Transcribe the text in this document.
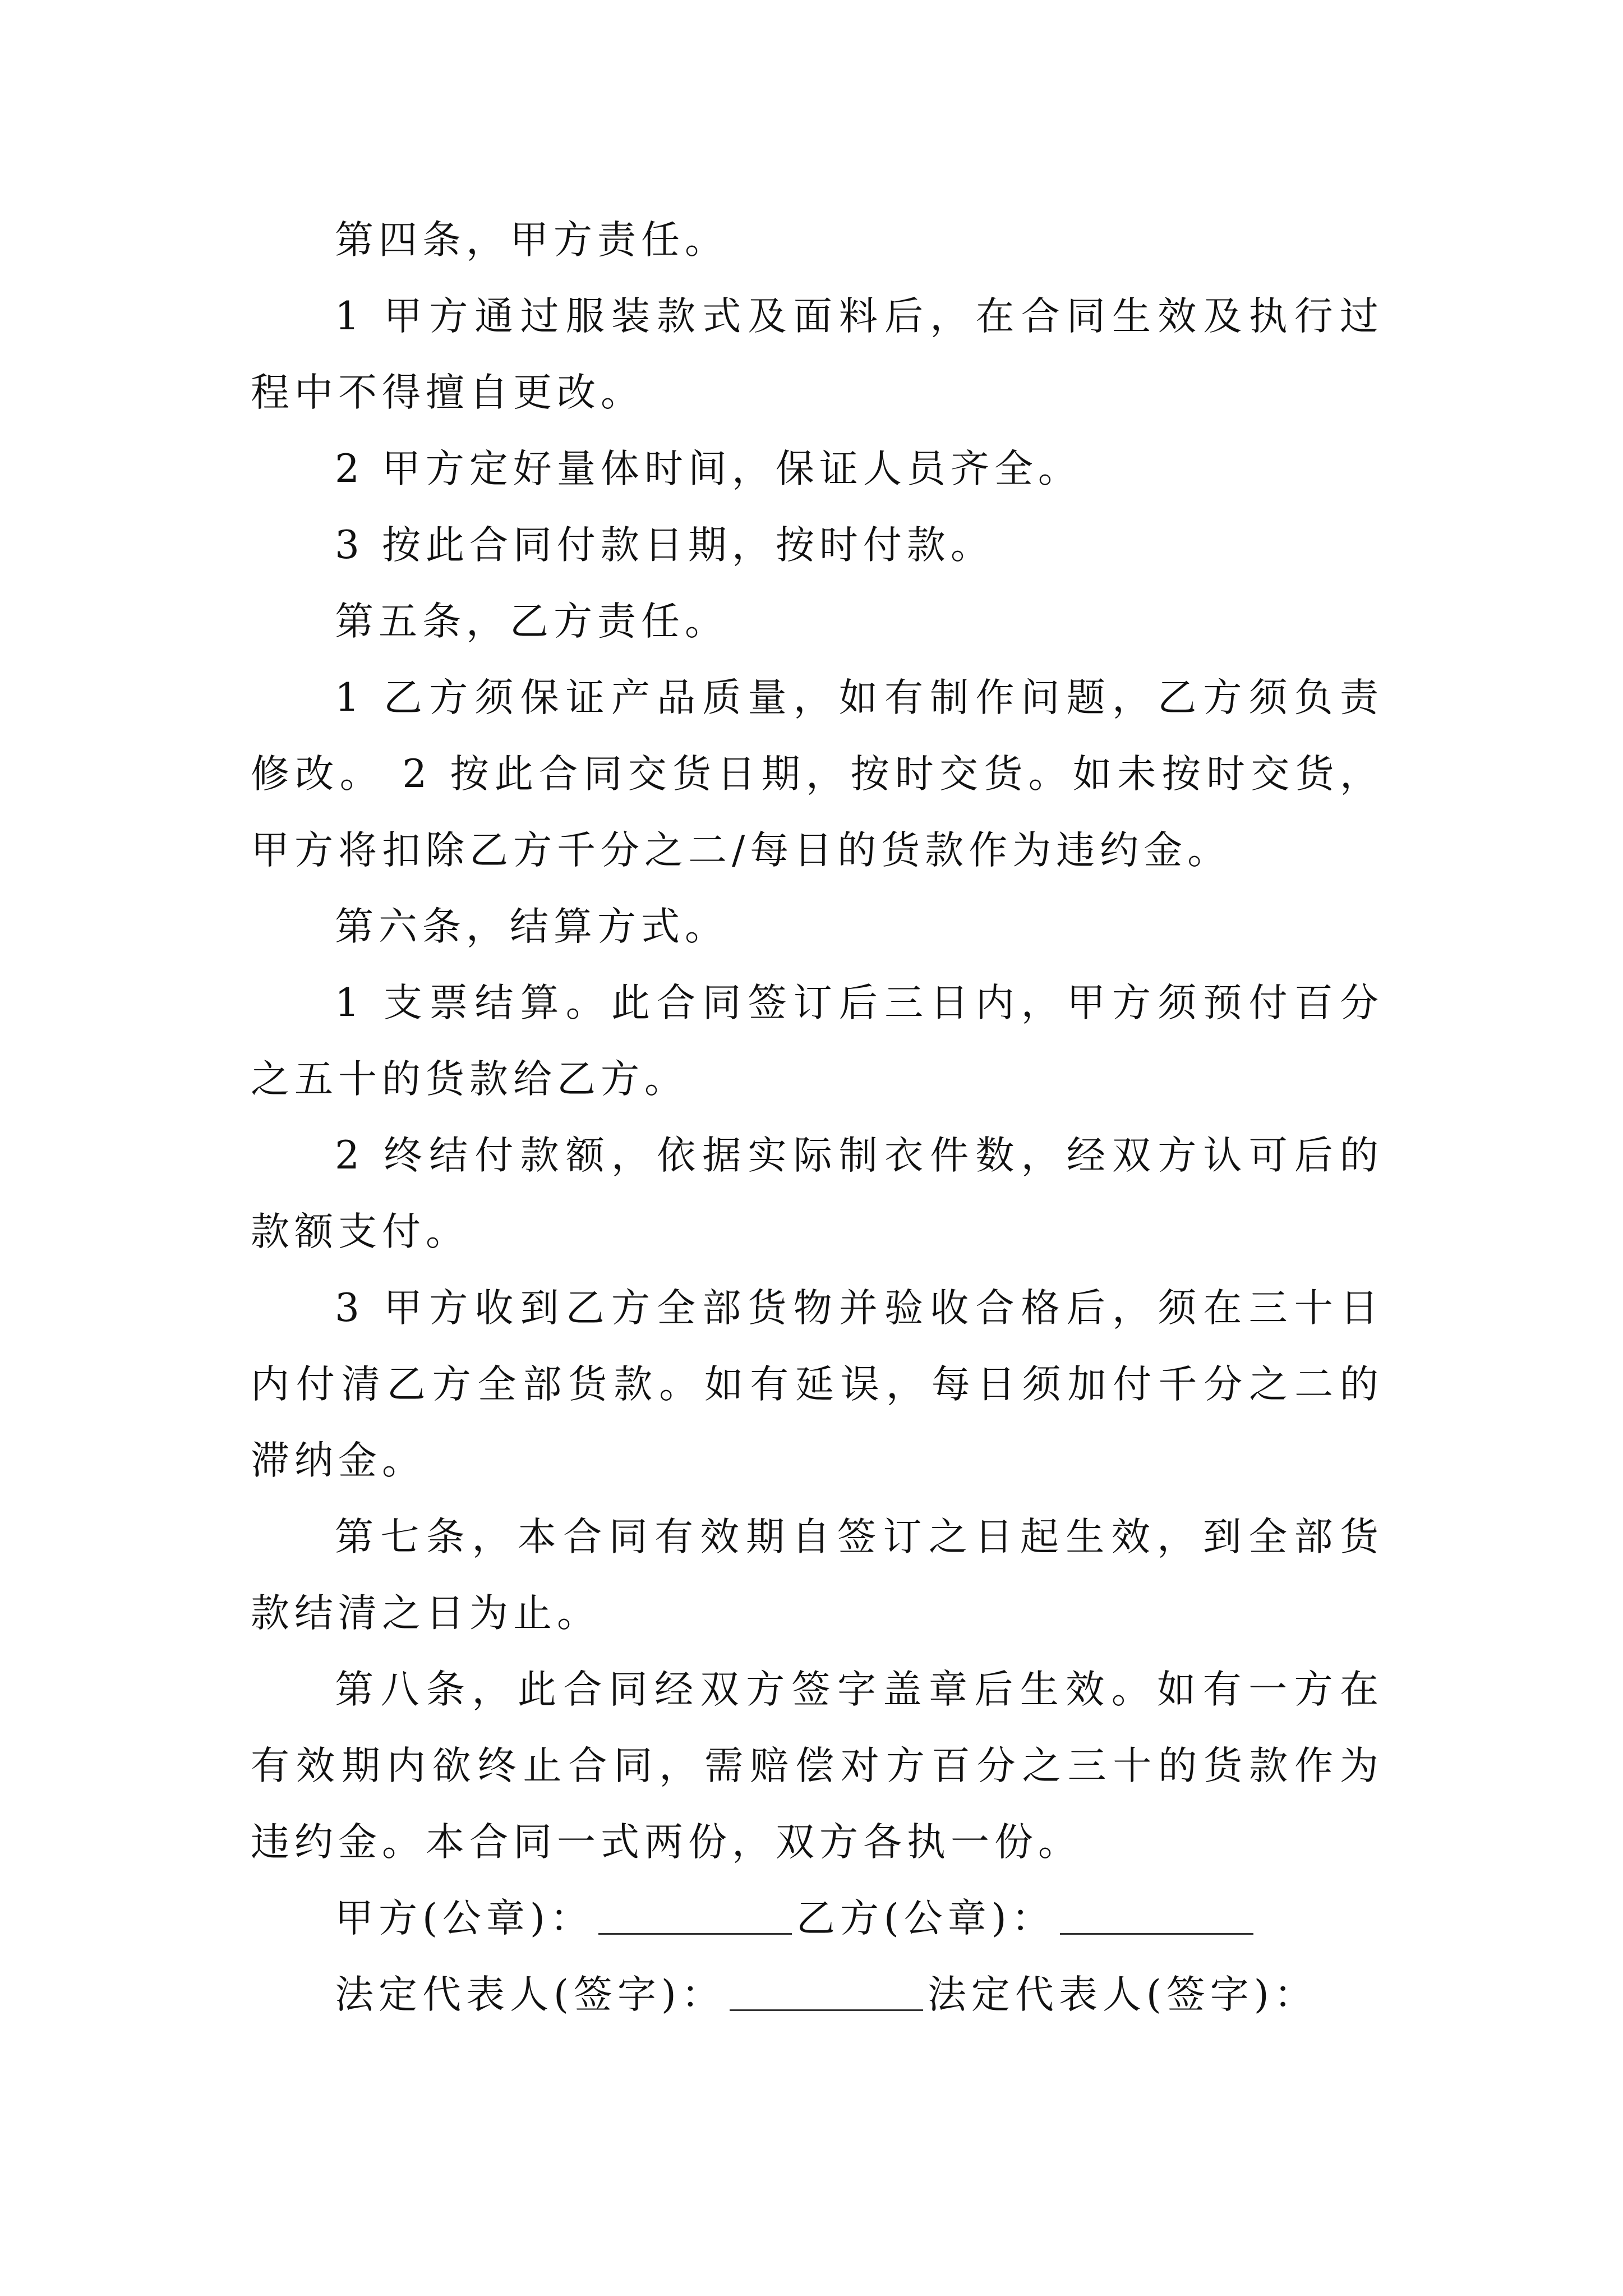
第四条，甲方责任。

1 甲方通过服装款式及面料后，在合同生效及执行过程中不得擅自更改。

2 甲方定好量体时间，保证人员齐全。

3 按此合同付款日期，按时付款。

第五条，乙方责任。

1 乙方须保证产品质量，如有制作问题，乙方须负责修改。 2 按此合同交货日期，按时交货。如未按时交货，甲方将扣除乙方千分之二/每日的货款作为违约金。

第六条，结算方式。

1 支票结算。此合同签订后三日内，甲方须预付百分之五十的货款给乙方。

2 终结付款额，依据实际制衣件数，经双方认可后的款额支付。

3 甲方收到乙方全部货物并验收合格后，须在三十日内付清乙方全部货款。如有延误，每日须加付千分之二的滞纳金。

第七条，本合同有效期自签订之日起生效，到全部货款结清之日为止。

第八条，此合同经双方签字盖章后生效。如有一方在有效期内欲终止合同，需赔偿对方百分之三十的货款作为违约金。本合同一式两份，双方各执一份。

甲方(公章)：	乙方(公章)：

法定代表人(签字)：	法定代表人(签字)：
